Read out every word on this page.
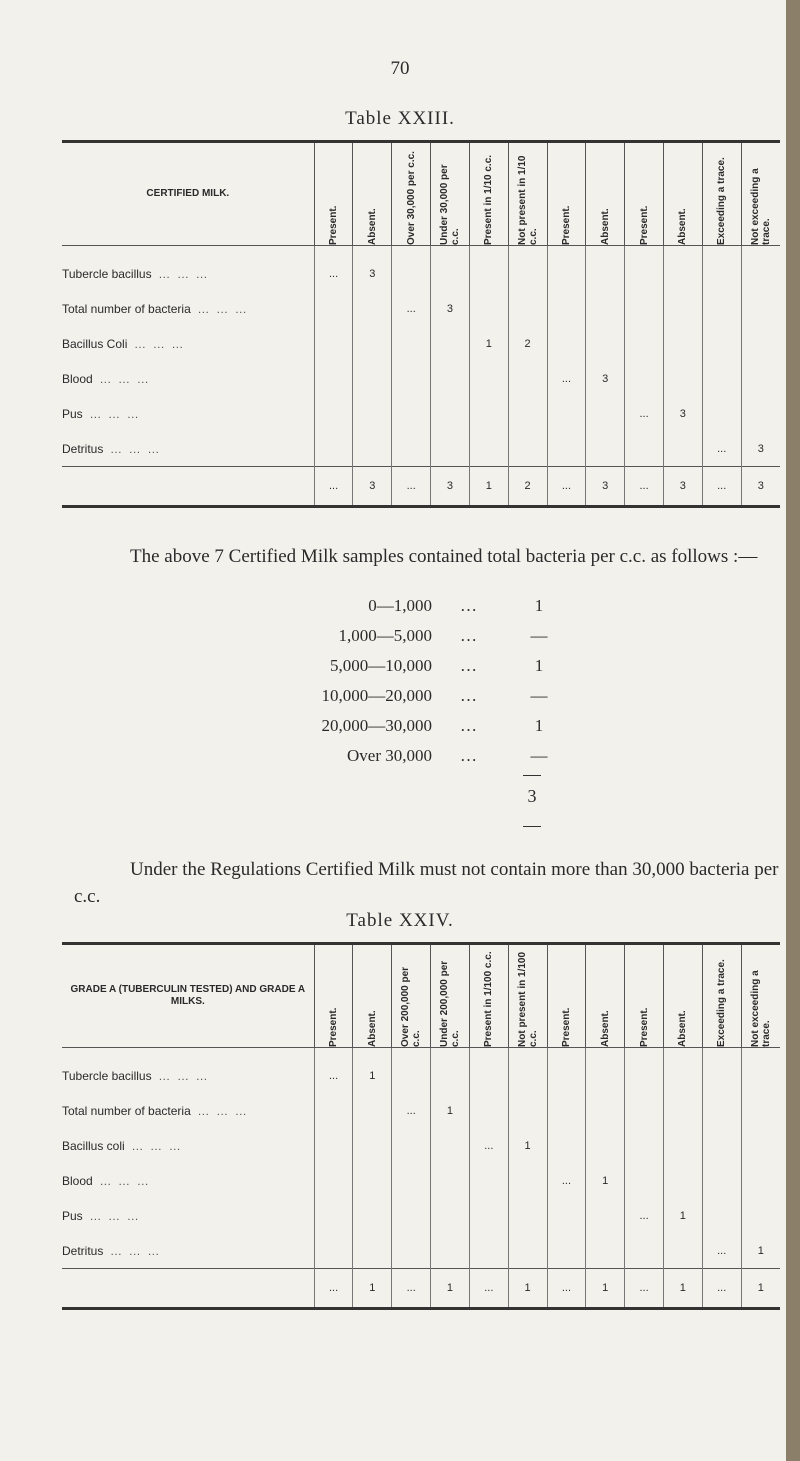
70
Table XXIII.
CERTIFIED MILK.	Present.	Absent.	Over 30,000 per c.c.	Under 30,000 per c.c.	Present in 1/10 c.c.	Not present in 1/10 c.c.	Present.	Absent.	Present.	Absent.	Exceeding a trace.	Not exceeding a trace.

Tubercle bacillus  …  …  …	...	3										
Total number of bacteria  …  …  …			...	3								
Bacillus Coli  …  …  …					1	2						
Blood  …  …  …							...	3				
Pus  …  …  …									...	3		
Detritus  …  …  …											...	3
	...	3	...	3	1	2	...	3	...	3	...	3
The above 7 Certified Milk samples contained total bacteria per c.c. as follows :—
0—1,000 …	1
1,000—5,000 …	—
5,000—10,000 …	1
10,000—20,000 …	—
20,000—30,000 …	1
Over 30,000 …	—
3
Under the Regulations Certified Milk must not contain more than 30,000 bacteria per c.c.
Table XXIV.
GRADE A (TUBERCULIN TESTED) AND GRADE A MILKS.	Present.	Absent.	Over 200,000 per c.c.	Under 200,000 per c.c.	Present in 1/100 c.c.	Not present in 1/100 c.c.	Present.	Absent.	Present.	Absent.	Exceeding a trace.	Not exceeding a trace.

Tubercle bacillus  …  …  …	...	1										
Total number of bacteria  …  …  …			...	1								
Bacillus coli  …  …  …					...	1						
Blood  …  …  …							...	1				
Pus  …  …  …									...	1		
Detritus  …  …  …											...	1
	...	1	...	1	...	1	...	1	...	1	...	1
